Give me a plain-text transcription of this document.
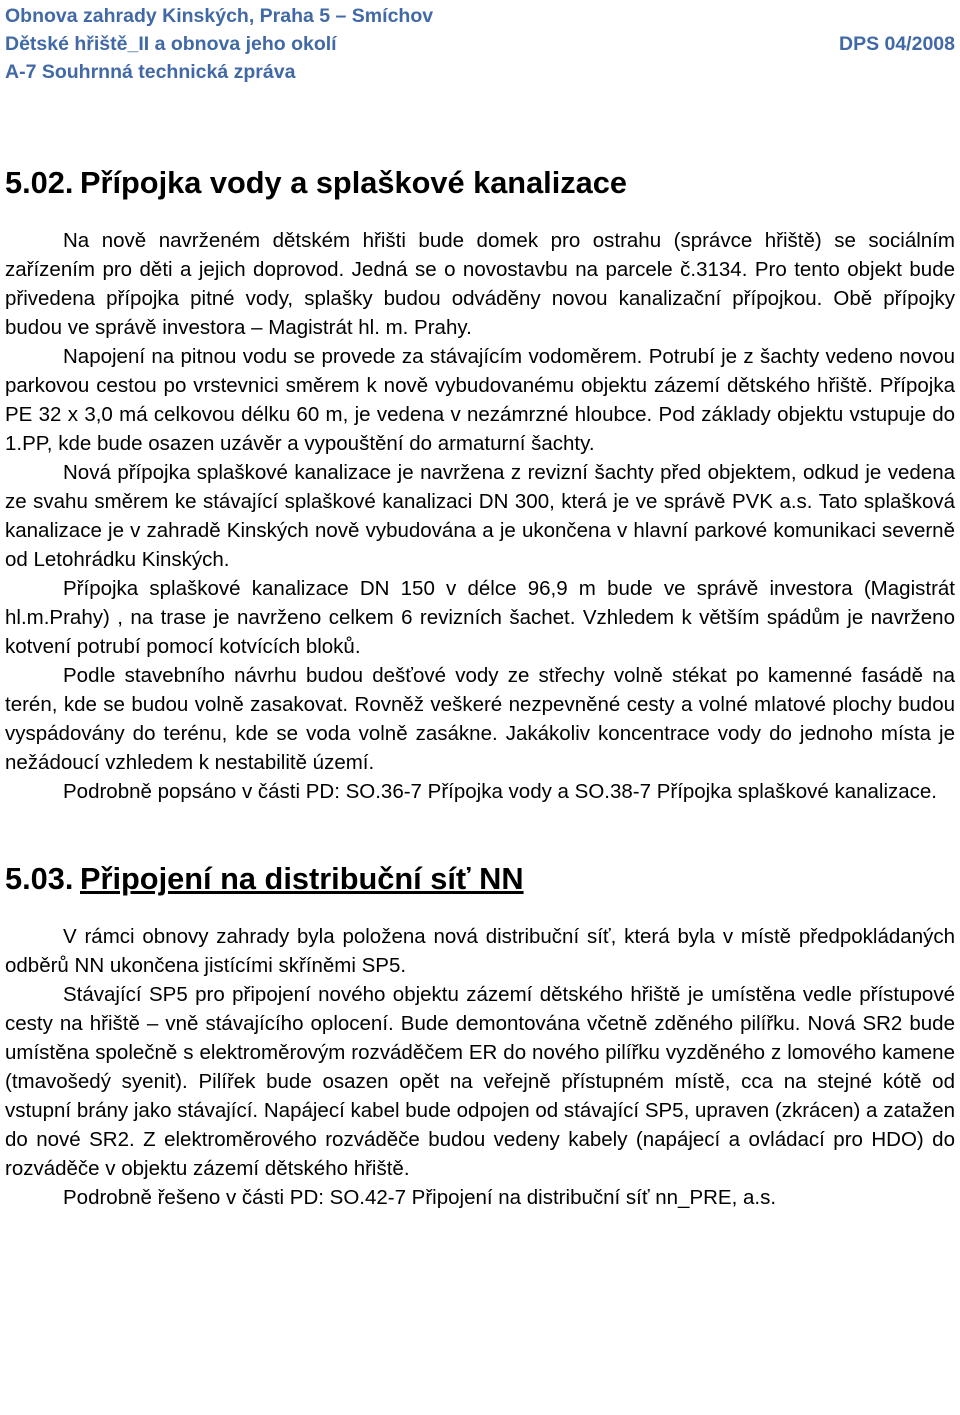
Obnova zahrady Kinských, Praha 5 – Smíchov
Dětské hřiště_II a obnova jeho okolí	DPS 04/2008
A-7 Souhrnná technická zpráva
5.02. Přípojka vody a splaškové kanalizace

Na nově navrženém dětském hřišti bude domek pro ostrahu (správce hřiště) se sociálním zařízením pro děti a jejich doprovod. Jedná se o novostavbu na parcele č.3134. Pro tento objekt bude přivedena přípojka pitné vody, splašky budou odváděny novou kanalizační přípojkou. Obě přípojky budou ve správě investora – Magistrát hl. m. Prahy.

Napojení na pitnou vodu se provede za stávajícím vodoměrem. Potrubí je z šachty vedeno novou parkovou cestou po vrstevnici směrem k nově vybudovanému objektu zázemí dětského hřiště. Přípojka PE 32 x 3,0 má celkovou délku 60 m, je vedena v nezámrzné hloubce. Pod základy objektu vstupuje do 1.PP, kde bude osazen uzávěr a vypouštění do armaturní šachty.

Nová přípojka splaškové kanalizace je navržena z revizní šachty před objektem, odkud je vedena ze svahu směrem ke stávající splaškové kanalizaci DN 300, která je ve správě PVK a.s. Tato splašková kanalizace je v zahradě Kinských nově vybudována a je ukončena v hlavní parkové komunikaci severně od Letohrádku Kinských.

Přípojka splaškové kanalizace DN 150 v délce 96,9 m bude ve správě investora (Magistrát hl.m.Prahy) , na trase je navrženo celkem 6 revizních šachet. Vzhledem k větším spádům je navrženo kotvení potrubí pomocí kotvících bloků.

Podle stavebního návrhu budou dešťové vody ze střechy volně stékat po kamenné fasádě na terén, kde se budou volně zasakovat. Rovněž veškeré nezpevněné cesty a volné mlatové plochy budou vyspádovány do terénu, kde se voda volně zasákne. Jakákoliv koncentrace vody do jednoho místa je nežádoucí vzhledem k nestabilitě území.

Podrobně popsáno v části PD: SO.36-7 Přípojka vody a SO.38-7 Přípojka splaškové kanalizace.

5.03. Připojení na distribuční síť NN

V rámci obnovy zahrady byla položena nová distribuční síť, která byla v místě předpokládaných odběrů NN ukončena jistícími skříněmi SP5.

Stávající SP5 pro připojení nového objektu zázemí dětského hřiště je umístěna vedle přístupové cesty na hřiště – vně stávajícího oplocení. Bude demontována včetně zděného pilířku. Nová SR2 bude umístěna společně s elektroměrovým rozváděčem ER do nového pilířku vyzděného z lomového kamene (tmavošedý syenit). Pilířek bude osazen opět na veřejně přístupném místě, cca na stejné kótě od vstupní brány jako stávající. Napájecí kabel bude odpojen od stávající SP5, upraven (zkrácen) a zatažen do nové SR2. Z elektroměrového rozváděče budou vedeny kabely (napájecí a ovládací pro HDO) do rozváděče v objektu zázemí dětského hřiště.

Podrobně řešeno v části PD: SO.42-7 Připojení na distribuční síť nn_PRE, a.s.
